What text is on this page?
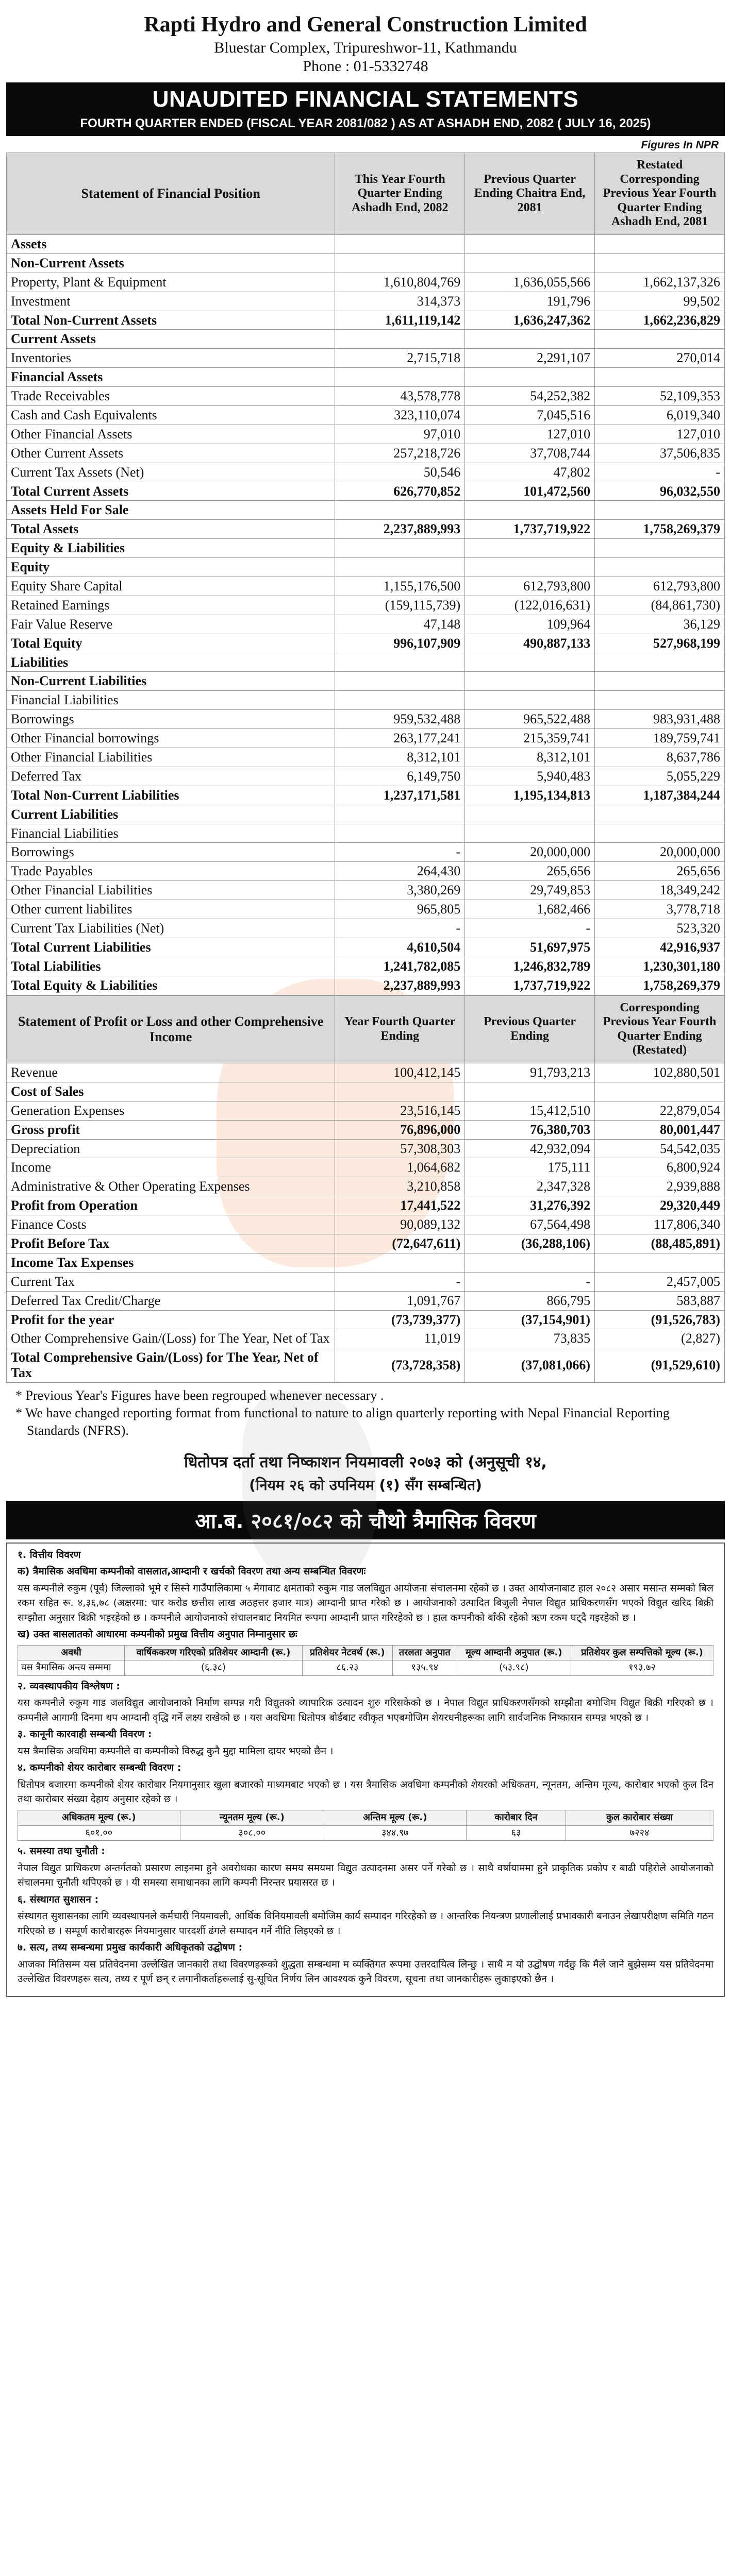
Rapti Hydro and General Construction Limited
Bluestar Complex, Tripureshwor-11, Kathmandu
Phone : 01-5332748
UNAUDITED FINANCIAL STATEMENTS
FOURTH QUARTER ENDED (FISCAL YEAR 2081/082 ) AS AT ASHADH END, 2082 ( JULY 16, 2025)
Figures In NPR
Statement of Financial Position	This Year Fourth Quarter Ending Ashadh End, 2082	Previous Quarter Ending Chaitra End, 2081	Restated Corresponding Previous Year Fourth Quarter Ending Ashadh End, 2081
Assets			
Non-Current Assets			
Property, Plant & Equipment	1,610,804,769	1,636,055,566	1,662,137,326
Investment	314,373	191,796	99,502
Total Non-Current Assets	1,611,119,142	1,636,247,362	1,662,236,829
Current Assets			
Inventories	2,715,718	2,291,107	270,014
Financial Assets			
Trade Receivables	43,578,778	54,252,382	52,109,353
Cash and Cash Equivalents	323,110,074	7,045,516	6,019,340
Other Financial Assets	97,010	127,010	127,010
Other Current Assets	257,218,726	37,708,744	37,506,835
Current Tax Assets (Net)	50,546	47,802	-
Total Current Assets	626,770,852	101,472,560	96,032,550
Assets Held For Sale			
Total Assets	2,237,889,993	1,737,719,922	1,758,269,379
Equity & Liabilities			
Equity			
Equity Share Capital	1,155,176,500	612,793,800	612,793,800
Retained Earnings	(159,115,739)	(122,016,631)	(84,861,730)
Fair Value Reserve	47,148	109,964	36,129
Total Equity	996,107,909	490,887,133	527,968,199
Liabilities			
Non-Current Liabilities			
Financial Liabilities			
Borrowings	959,532,488	965,522,488	983,931,488
Other Financial borrowings	263,177,241	215,359,741	189,759,741
Other Financial Liabilities	8,312,101	8,312,101	8,637,786
Deferred Tax	6,149,750	5,940,483	5,055,229
Total Non-Current Liabilities	1,237,171,581	1,195,134,813	1,187,384,244
Current Liabilities			
Financial Liabilities			
Borrowings	-	20,000,000	20,000,000
Trade Payables	264,430	265,656	265,656
Other Financial Liabilities	3,380,269	29,749,853	18,349,242
Other current liabilites	965,805	1,682,466	3,778,718
Current Tax Liabilities (Net)	-	-	523,320
Total Current Liabilities	4,610,504	51,697,975	42,916,937
Total Liabilities	1,241,782,085	1,246,832,789	1,230,301,180
Total Equity & Liabilities	2,237,889,993	1,737,719,922	1,758,269,379
Statement of Profit or Loss and other Comprehensive Income	Year Fourth Quarter Ending	Previous Quarter Ending	Corresponding Previous Year Fourth Quarter Ending (Restated)
Revenue	100,412,145	91,793,213	102,880,501
Cost of Sales			
Generation Expenses	23,516,145	15,412,510	22,879,054
Gross profit	76,896,000	76,380,703	80,001,447
Depreciation	57,308,303	42,932,094	54,542,035
Income	1,064,682	175,111	6,800,924
Administrative & Other Operating Expenses	3,210,858	2,347,328	2,939,888
Profit from Operation	17,441,522	31,276,392	29,320,449
Finance Costs	90,089,132	67,564,498	117,806,340
Profit Before Tax	(72,647,611)	(36,288,106)	(88,485,891)
Income Tax Expenses			
Current Tax	-	-	2,457,005
Deferred Tax Credit/Charge	1,091,767	866,795	583,887
Profit for the year	(73,739,377)	(37,154,901)	(91,526,783)
Other Comprehensive Gain/(Loss) for The Year, Net of Tax	11,019	73,835	(2,827)
Total Comprehensive Gain/(Loss) for The Year, Net of Tax	(73,728,358)	(37,081,066)	(91,529,610)

* Previous Year's Figures have been regrouped whenever necessary .

* We have changed reporting format from functional to nature to align quarterly reporting with Nepal Financial Reporting Standards (NFRS).

धितोपत्र दर्ता तथा निष्काशन नियमावली २०७३ को (अनुसूची १४,
(नियम २६ को उपनियम (१) सँग सम्बन्धित)
आ.ब. २०८१/०८२ को चौथो त्रैमासिक विवरण

१. वित्तीय विवरण

क) त्रैमासिक अवधिमा कम्पनीको वासलात,आम्दानी र खर्चको विवरण तथा अन्य सम्बन्धित विवरणः

यस कम्पनीले रुकुम (पूर्व) जिल्लाको भूमे र सिस्ने गाउँपालिकामा ५ मेगावाट क्षमताको रुकुम गाड जलविद्युत आयोजना संचालनमा रहेको छ । उक्त आयोजनाबाट हाल २०८२ असार मसान्त सम्मको बिल रकम सहित रू. ४,३६,७८ (अक्षरमा: चार करोड छत्तीस लाख अठहत्तर हजार मात्र) आम्दानी प्राप्त गरेको छ । आयोजनाको उत्पादित बिजुली नेपाल विद्युत प्राधिकरणसँग भएको विद्युत खरिद बिक्री सम्झौता अनुसार बिक्री भइरहेको छ । कम्पनीले आयोजनाको संचालनबाट नियमित रूपमा आम्दानी प्राप्त गरिरहेको छ । हाल कम्पनीको बाँकी रहेको ऋण रकम घट्दै गइरहेको छ ।

ख) उक्त बासलातको आधारमा कम्पनीको प्रमुख वित्तीय अनुपात निम्नानुसार छः

अवधी	वार्षिककरण गरिएको प्रतिशेयर आम्दानी (रू.)	प्रतिशेयर नेटवर्थ (रू.)	तरलता अनुपात	मूल्य आम्दानी अनुपात (रू.)	प्रतिशेयर कुल सम्पत्तिको मूल्य (रू.)
यस त्रैमासिक अन्त्य सम्ममा	(६.३८)	८६.२३	१३५.९४	(५३.९८)	१९३.७२

२. व्यवस्थापकीय विश्लेषण :

यस कम्पनीले रुकुम गाड जलविद्युत आयोजनाको निर्माण सम्पन्न गरी विद्युतको व्यापारिक उत्पादन शुरु गरिसकेको छ । नेपाल विद्युत प्राधिकरणसँगको सम्झौता बमोजिम विद्युत बिक्री गरिएको छ । कम्पनीले आगामी दिनमा थप आम्दानी वृद्धि गर्ने लक्ष्य राखेको छ । यस अवधिमा धितोपत्र बोर्डबाट स्वीकृत भएबमोजिम शेयरधनीहरूका लागि सार्वजनिक निष्कासन सम्पन्न भएको छ ।

३. कानूनी कारवाही सम्बन्धी विवरण :

यस त्रैमासिक अवधिमा कम्पनीले वा कम्पनीको विरुद्ध कुनै मुद्दा मामिला दायर भएको छैन ।

४. कम्पनीको शेयर कारोबार सम्बन्धी विवरण :

धितोपत्र बजारमा कम्पनीको शेयर कारोबार नियमानुसार खुला बजारको माध्यमबाट भएको छ । यस त्रैमासिक अवधिमा कम्पनीको शेयरको अधिकतम, न्यूनतम, अन्तिम मूल्य, कारोबार भएको कुल दिन तथा कारोबार संख्या देहाय अनुसार रहेको छ ।

अधिकतम मूल्य (रू.)	न्यूनतम मूल्य (रू.)	अन्तिम मूल्य (रू.)	कारोबार दिन	कुल कारोबार संख्या
६०१.००	३०८.००	३४४.९७	६३	७२२४

५. समस्या तथा चुनौती :

नेपाल विद्युत प्राधिकरण अन्तर्गतको प्रसारण लाइनमा हुने अवरोधका कारण समय समयमा विद्युत उत्पादनमा असर पर्ने गरेको छ । साथै वर्षायाममा हुने प्राकृतिक प्रकोप र बाढी पहिरोले आयोजनाको संचालनमा चुनौती थपिएको छ । यी समस्या समाधानका लागि कम्पनी निरन्तर प्रयासरत छ ।

६. संस्थागत सुशासन :

संस्थागत सुशासनका लागि व्यवस्थापनले कर्मचारी नियमावली, आर्थिक विनियमावली बमोजिम कार्य सम्पादन गरिरहेको छ । आन्तरिक नियन्त्रण प्रणालीलाई प्रभावकारी बनाउन लेखापरीक्षण समिति गठन गरिएको छ । सम्पूर्ण कारोबारहरू नियमानुसार पारदर्शी ढंगले सम्पादन गर्ने नीति लिइएको छ ।

७. सत्य, तथ्य सम्बन्धमा प्रमुख कार्यकारी अधिकृतको उद्घोषण :

आजका मितिसम्म यस प्रतिवेदनमा उल्लेखित जानकारी तथा विवरणहरूको शुद्धता सम्बन्धमा म व्यक्तिगत रूपमा उत्तरदायित्व लिन्छु । साथै म यो उद्घोषण गर्दछु कि मैले जाने बुझेसम्म यस प्रतिवेदनमा उल्लेखित विवरणहरू सत्य, तथ्य र पूर्ण छन् र लगानीकर्ताहरूलाई सु-सूचित निर्णय लिन आवश्यक कुनै विवरण, सूचना तथा जानकारीहरू लुकाइएको छैन ।
